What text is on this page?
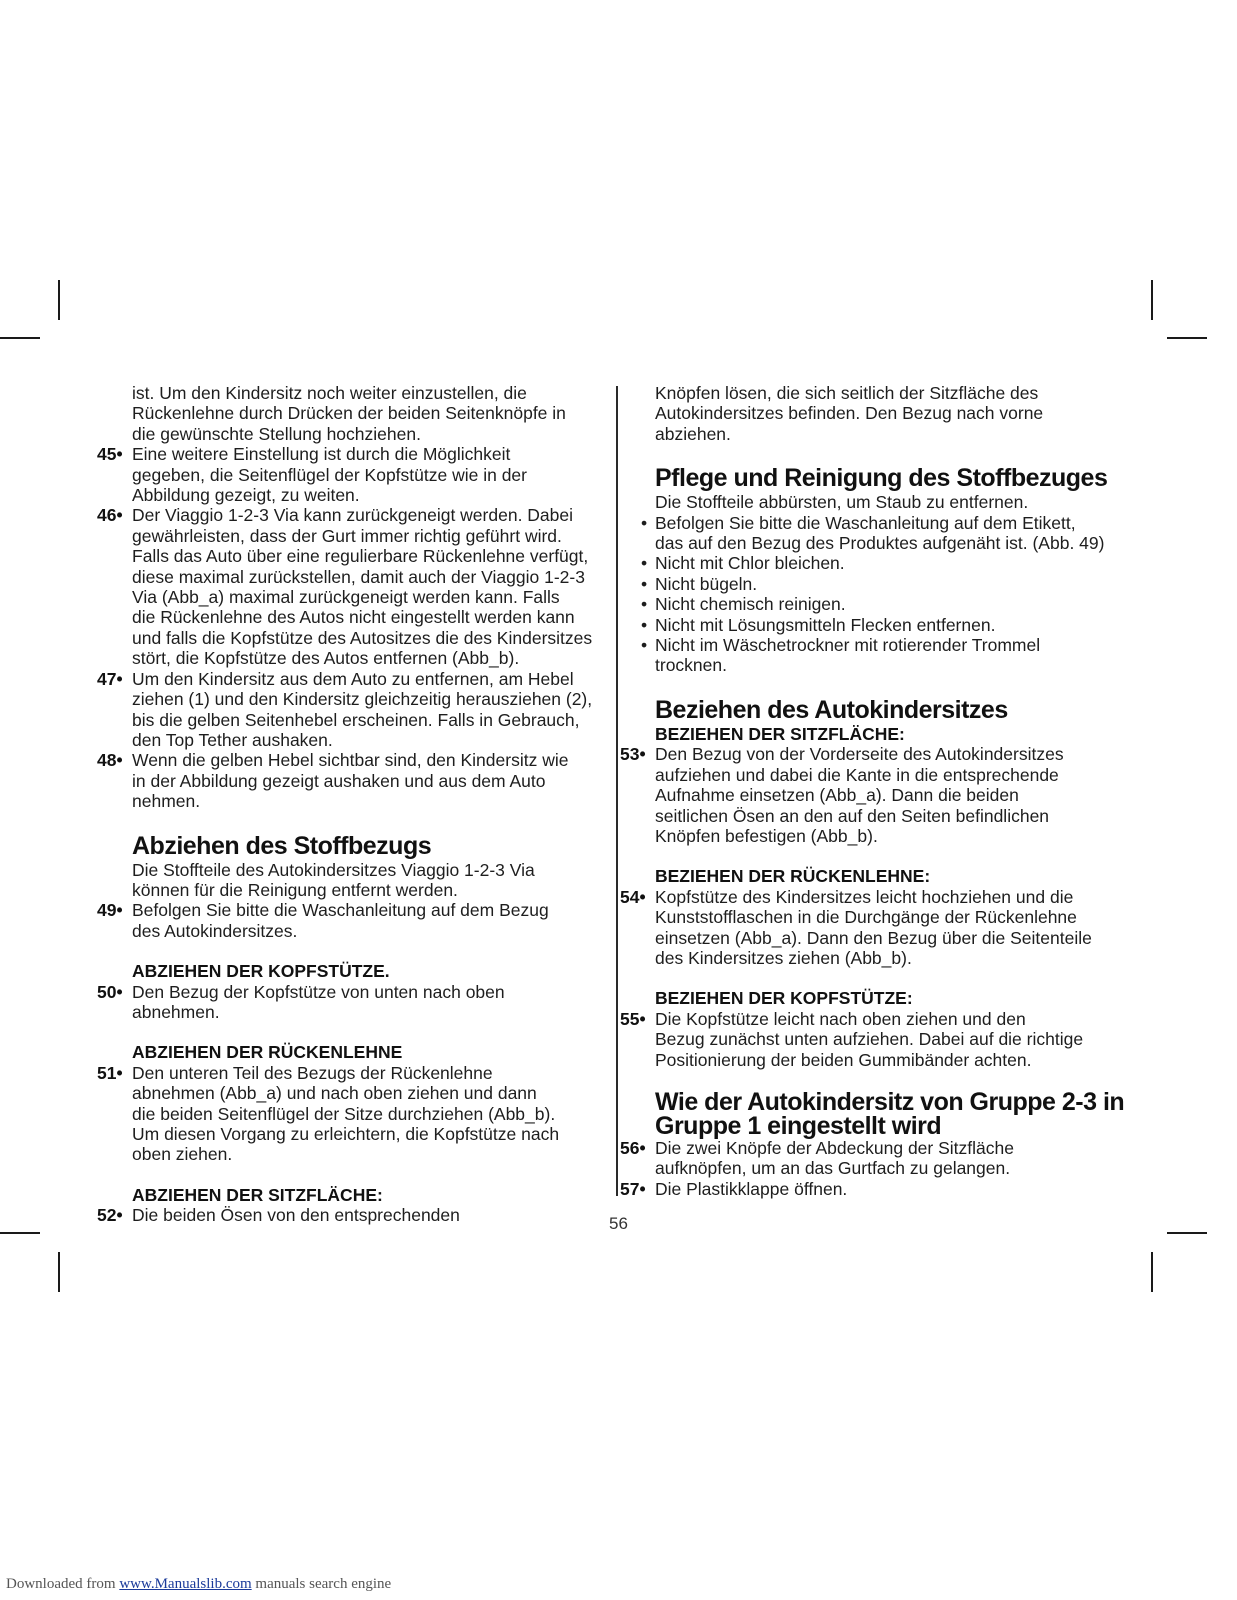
ist. Um den Kindersitz noch weiter einzustellen, die
Rückenlehne durch Drücken der beiden Seitenknöpfe in
die gewünschte Stellung hochziehen.

45• Eine weitere Einstellung ist durch die Möglichkeit
gegeben, die Seitenflügel der Kopfstütze wie in der
Abbildung gezeigt, zu weiten.
46• Der Viaggio 1-2-3 Via kann zurückgeneigt werden. Dabei
gewährleisten, dass der Gurt immer richtig geführt wird.
Falls das Auto über eine regulierbare Rückenlehne verfügt,
diese maximal zurückstellen, damit auch der Viaggio 1-2-3
Via (Abb_a) maximal zurückgeneigt werden kann. Falls
die Rückenlehne des Autos nicht eingestellt werden kann
und falls die Kopfstütze des Autositzes die des Kindersitzes
stört, die Kopfstütze des Autos entfernen (Abb_b).
47• Um den Kindersitz aus dem Auto zu entfernen, am Hebel
ziehen (1) und den Kindersitz gleichzeitig herausziehen (2),
bis die gelben Seitenhebel erscheinen. Falls in Gebrauch,
den Top Tether aushaken.
48• Wenn die gelben Hebel sichtbar sind, den Kindersitz wie
in der Abbildung gezeigt aushaken und aus dem Auto
nehmen.
Abziehen des Stoffbezugs

Die Stoffteile des Autokindersitzes Viaggio 1-2-3 Via
können für die Reinigung entfernt werden.

49• Befolgen Sie bitte die Waschanleitung auf dem Bezug
des Autokindersitzes.
ABZIEHEN DER KOPFSTÜTZE.
50• Den Bezug der Kopfstütze von unten nach oben
abnehmen.
ABZIEHEN DER RÜCKENLEHNE
51• Den unteren Teil des Bezugs der Rückenlehne
abnehmen (Abb_a) und nach oben ziehen und dann
die beiden Seitenflügel der Sitze durchziehen (Abb_b).
Um diesen Vorgang zu erleichtern, die Kopfstütze nach
oben ziehen.
ABZIEHEN DER SITZFLÄCHE:
52• Die beiden Ösen von den entsprechenden

Knöpfen lösen, die sich seitlich der Sitzfläche des
Autokindersitzes befinden. Den Bezug nach vorne
abziehen.

Pflege und Reinigung des Stoffbezuges

Die Stoffteile abbürsten, um Staub zu entfernen.

• Befolgen Sie bitte die Waschanleitung auf dem Etikett,
das auf den Bezug des Produktes aufgenäht ist. (Abb. 49)
• Nicht mit Chlor bleichen.
• Nicht bügeln.
• Nicht chemisch reinigen.
• Nicht mit Lösungsmitteln Flecken entfernen.
• Nicht im Wäschetrockner mit rotierender Trommel
trocknen.
Beziehen des Autokindersitzes
BEZIEHEN DER SITZFLÄCHE:
53• Den Bezug von der Vorderseite des Autokindersitzes
aufziehen und dabei die Kante in die entsprechende
Aufnahme einsetzen (Abb_a). Dann die beiden
seitlichen Ösen an den auf den Seiten befindlichen
Knöpfen befestigen (Abb_b).
BEZIEHEN DER RÜCKENLEHNE:
54• Kopfstütze des Kindersitzes leicht hochziehen und die
Kunststofflaschen in die Durchgänge der Rückenlehne
einsetzen (Abb_a). Dann den Bezug über die Seitenteile
des Kindersitzes ziehen (Abb_b).
BEZIEHEN DER KOPFSTÜTZE:
55• Die Kopfstütze leicht nach oben ziehen und den
Bezug zunächst unten aufziehen. Dabei auf die richtige
Positionierung der beiden Gummibänder achten.
Wie der Autokindersitz von Gruppe 2-3 in
Gruppe 1 eingestellt wird
56• Die zwei Knöpfe der Abdeckung der Sitzfläche
aufknöpfen, um an das Gurtfach zu gelangen.
57• Die Plastikklappe öffnen.
56
Downloaded from www.Manualslib.com manuals search engine
